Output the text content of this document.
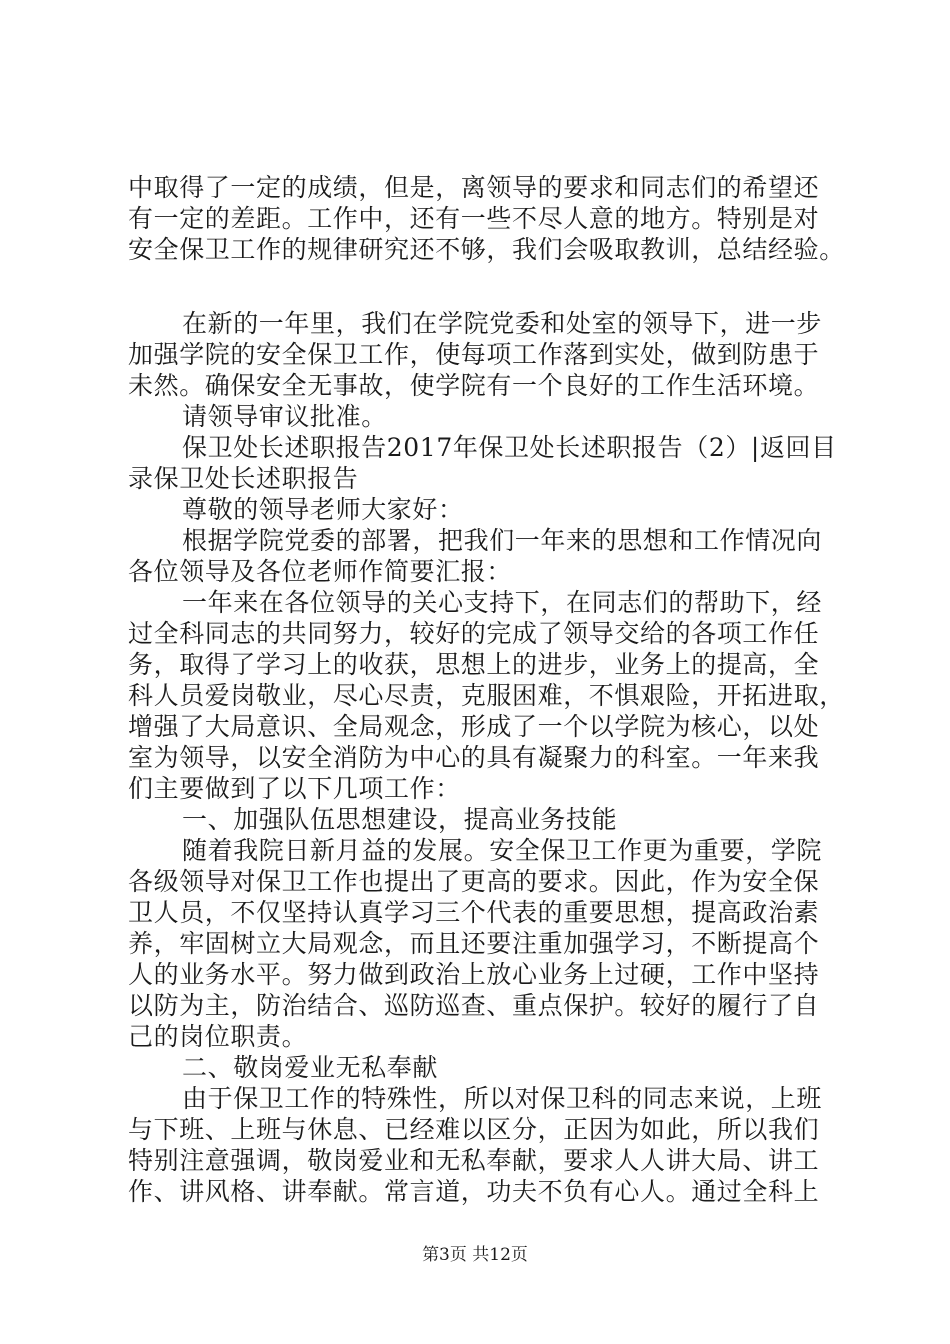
中取得了一定的成绩，但是，离领导的要求和同志们的希望还
有一定的差距。工作中，还有一些不尽人意的地方。特别是对
安全保卫工作的规律研究还不够，我们会吸取教训，总结经验。
在新的一年里，我们在学院党委和处室的领导下，进一步
加强学院的安全保卫工作，使每项工作落到实处，做到防患于
未然。确保安全无事故，使学院有一个良好的工作生活环境。
请领导审议批准。
保卫处长述职报告2017年保卫处长述职报告（2）|返回目
录保卫处长述职报告
尊敬的领导老师大家好：
根据学院党委的部署，把我们一年来的思想和工作情况向
各位领导及各位老师作简要汇报：
一年来在各位领导的关心支持下，在同志们的帮助下，经
过全科同志的共同努力，较好的完成了领导交给的各项工作任
务，取得了学习上的收获，思想上的进步，业务上的提高，全
科人员爱岗敬业，尽心尽责，克服困难，不惧艰险，开拓进取，
增强了大局意识、全局观念，形成了一个以学院为核心，以处
室为领导，以安全消防为中心的具有凝聚力的科室。一年来我
们主要做到了以下几项工作：
一、加强队伍思想建设，提高业务技能
随着我院日新月益的发展。安全保卫工作更为重要，学院
各级领导对保卫工作也提出了更高的要求。因此，作为安全保
卫人员，不仅坚持认真学习三个代表的重要思想，提高政治素
养，牢固树立大局观念，而且还要注重加强学习，不断提高个
人的业务水平。努力做到政治上放心业务上过硬，工作中坚持
以防为主，防治结合、巡防巡查、重点保护。较好的履行了自
己的岗位职责。
二、敬岗爱业无私奉献
由于保卫工作的特殊性，所以对保卫科的同志来说，上班
与下班、上班与休息、已经难以区分，正因为如此，所以我们
特别注意强调，敬岗爱业和无私奉献，要求人人讲大局、讲工
作、讲风格、讲奉献。常言道，功夫不负有心人。通过全科上
第3页 共12页
